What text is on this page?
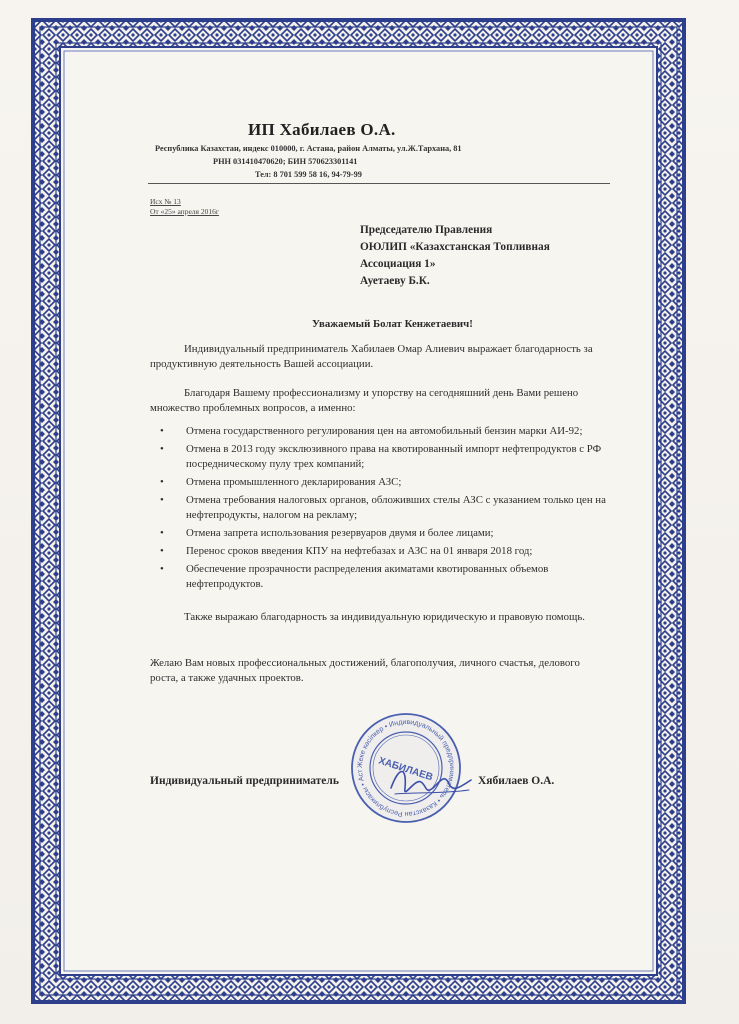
ИП Хабилаев О.А.
Республика Казахстан, индекс 010000, г. Астана, район Алматы, ул.Ж.Тархана, 81
РНН 031410470620; БИН 570623301141
Тел: 8 701 599 58 16, 94-79-99
Исх № 13
От «25» апреля 2016г
Председателю Правления
ОЮЛИП «Казахстанская Топливная
Ассоциация 1»
Ауетаеву Б.К.
Уважаемый Болат Кенжетаевич!
Индивидуальный предприниматель Хабилаев Омар Алиевич выражает благодарность за продуктивную деятельность Вашей ассоциации.
Благодаря Вашему профессионализму и упорству на сегодняшний день Вами решено множество проблемных вопросов, а именно:
• Отмена государственного регулирования цен на автомобильный бензин марки АИ-92;
• Отмена в 2013 году эксклюзивного права на квотированный импорт нефтепродуктов с РФ посредническому пулу трех компаний;
• Отмена промышленного декларирования АЗС;
• Отмена требования налоговых органов, обложивших стелы АЗС с указанием только цен на нефтепродукты, налогом на рекламу;
• Отмена запрета использования резервуаров двумя и более лицами;
• Перенос сроков введения КПУ на нефтебазах и АЗС на 01 января 2018 год;
• Обеспечение прозрачности распределения акиматами квотированных объемов нефтепродуктов.
Также выражаю благодарность за индивидуальную юридическую и правовую помощь.
Желаю Вам новых профессиональных достижений, благополучия, личного счастья, делового роста, а также удачных проектов.
Жеке кәсіпкер • Индивидуальный предприниматель • Казахстан Республикасы • Аст	ХАБИЛАЕВ
Индивидуальный предприниматель	Хябилаев О.А.
